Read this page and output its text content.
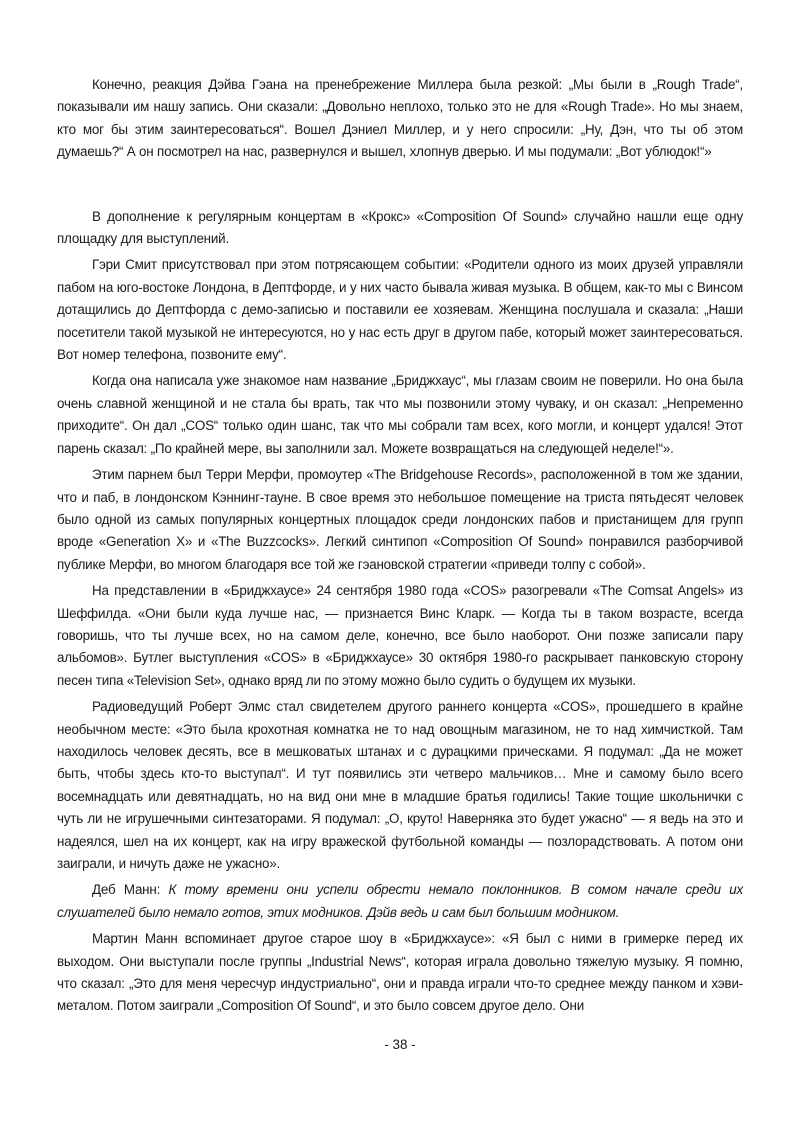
Конечно, реакция Дэйва Гэана на пренебрежение Миллера была резкой: „Мы были в „Rough Trade“, показывали им нашу запись. Они сказали: „Довольно неплохо, только это не для «Rough Trade». Но мы знаем, кто мог бы этим заинтересоваться“. Вошел Дэниел Миллер, и у него спросили: „Ну, Дэн, что ты об этом думаешь?“ А он посмотрел на нас, развернулся и вышел, хлопнув дверью. И мы подумали: „Вот ублюдок!“»

В дополнение к регулярным концертам в «Крокс» «Composition Of Sound» случайно нашли еще одну площадку для выступлений.

Гэри Смит присутствовал при этом потрясающем событии: «Родители одного из моих друзей управляли пабом на юго-востоке Лондона, в Дептфорде, и у них часто бывала живая музыка. В общем, как-то мы с Винсом дотащились до Дептфорда с демо-записью и поставили ее хозяевам. Женщина послушала и сказала: „Наши посетители такой музыкой не интересуются, но у нас есть друг в другом пабе, который может заинтересоваться. Вот номер телефона, позвоните ему“.

Когда она написала уже знакомое нам название „Бриджхаус“, мы глазам своим не поверили. Но она была очень славной женщиной и не стала бы врать, так что мы позвонили этому чуваку, и он сказал: „Непременно приходите“. Он дал „COS“ только один шанс, так что мы собрали там всех, кого могли, и концерт удался! Этот парень сказал: „По крайней мере, вы заполнили зал. Можете возвращаться на следующей неделе!“».

Этим парнем был Терри Мерфи, промоутер «The Bridgehouse Records», расположенной в том же здании, что и паб, в лондонском Кэннинг-тауне. В свое время это небольшое помещение на триста пятьдесят человек было одной из самых популярных концертных площадок среди лондонских пабов и пристанищем для групп вроде «Generation X» и «The Buzzcocks». Легкий синтипоп «Composition Of Sound» понравился разборчивой публике Мерфи, во многом благодаря все той же гэановской стратегии «приведи толпу с собой».

На представлении в «Бриджхаусе» 24 сентября 1980 года «COS» разогревали «The Comsat Angels» из Шеффилда. «Они были куда лучше нас, — признается Винс Кларк. — Когда ты в таком возрасте, всегда говоришь, что ты лучше всех, но на самом деле, конечно, все было наоборот. Они позже записали пару альбомов». Бутлег выступления «COS» в «Бриджхаусе» 30 октября 1980-го раскрывает панковскую сторону песен типа «Television Set», однако вряд ли по этому можно было судить о будущем их музыки.

Радиоведущий Роберт Элмс стал свидетелем другого раннего концерта «COS», прошедшего в крайне необычном месте: «Это была крохотная комнатка не то над овощным магазином, не то над химчисткой. Там находилось человек десять, все в мешковатых штанах и с дурацкими прическами. Я подумал: „Да не может быть, чтобы здесь кто-то выступал“. И тут появились эти четверо мальчиков… Мне и самому было всего восемнадцать или девятнадцать, но на вид они мне в младшие братья годились! Такие тощие школьнички с чуть ли не игрушечными синтезаторами. Я подумал: „О, круто! Наверняка это будет ужасно“ — я ведь на это и надеялся, шел на их концерт, как на игру вражеской футбольной команды — позлорадствовать. А потом они заиграли, и ничуть даже не ужасно».

Деб Манн: К тому времени они успели обрести немало поклонников. В сомом начале среди их слушателей было немало готов, этих модников. Дэйв ведь и сам был большим модником.

Мартин Манн вспоминает другое старое шоу в «Бриджхаусе»: «Я был с ними в гримерке перед их выходом. Они выступали после группы „Industrial News“, которая играла довольно тяжелую музыку. Я помню, что сказал: „Это для меня чересчур индустриально“, они и правда играли что-то среднее между панком и хэви-металом. Потом заиграли „Composition Of Sound“, и это было совсем другое дело. Они

- 38 -
